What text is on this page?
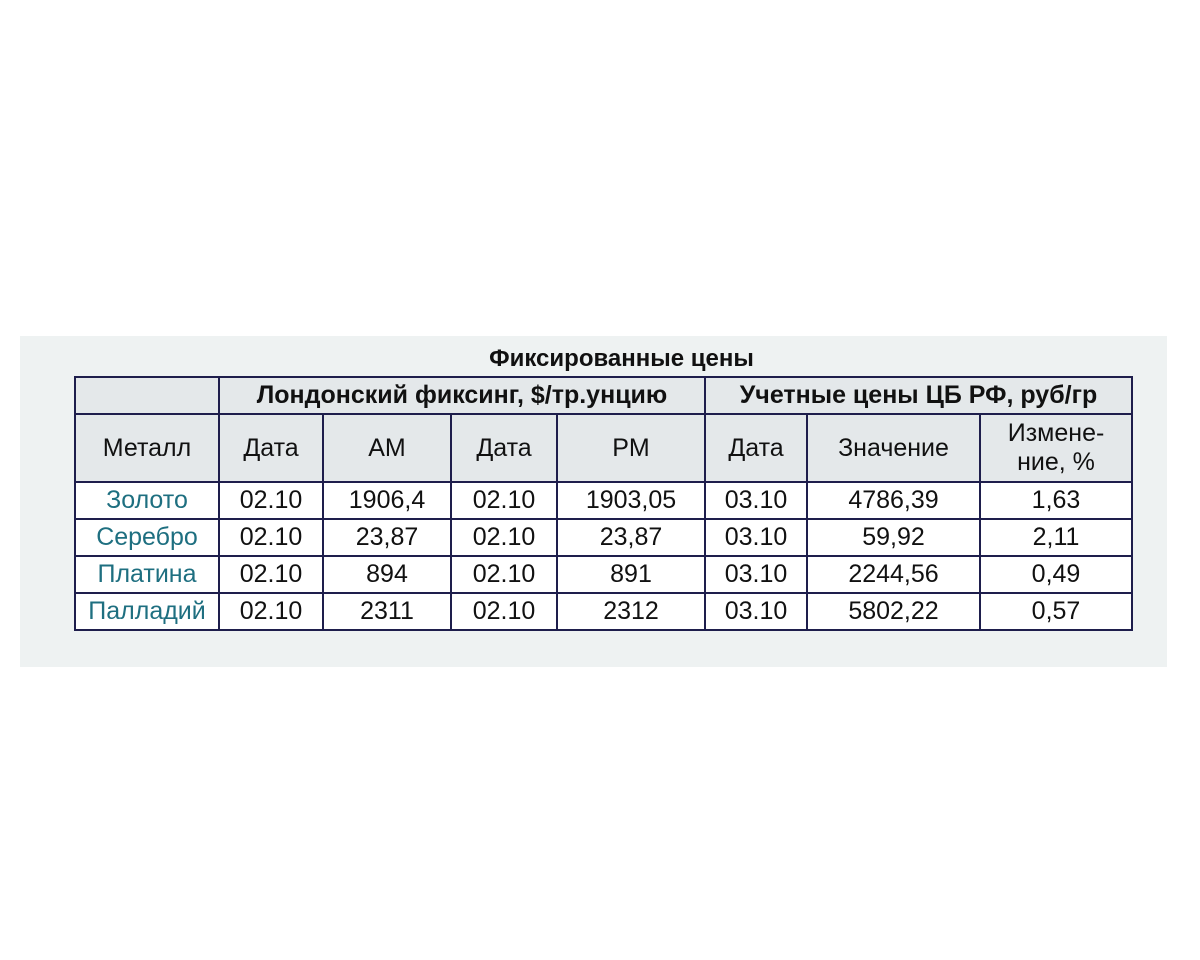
Фиксированные цены
	Лондонский фиксинг, $/тр.унцию				Учетные цены ЦБ РФ, руб/гр		
Металл	Дата	AM	Дата	PM	Дата	Значение	Измене-
ние, %
Золото	02.10	1906,4	02.10	1903,05	03.10	4786,39	1,63
Серебро	02.10	23,87	02.10	23,87	03.10	59,92	2,11
Платина	02.10	894	02.10	891	03.10	2244,56	0,49
Палладий	02.10	2311	02.10	2312	03.10	5802,22	0,57
